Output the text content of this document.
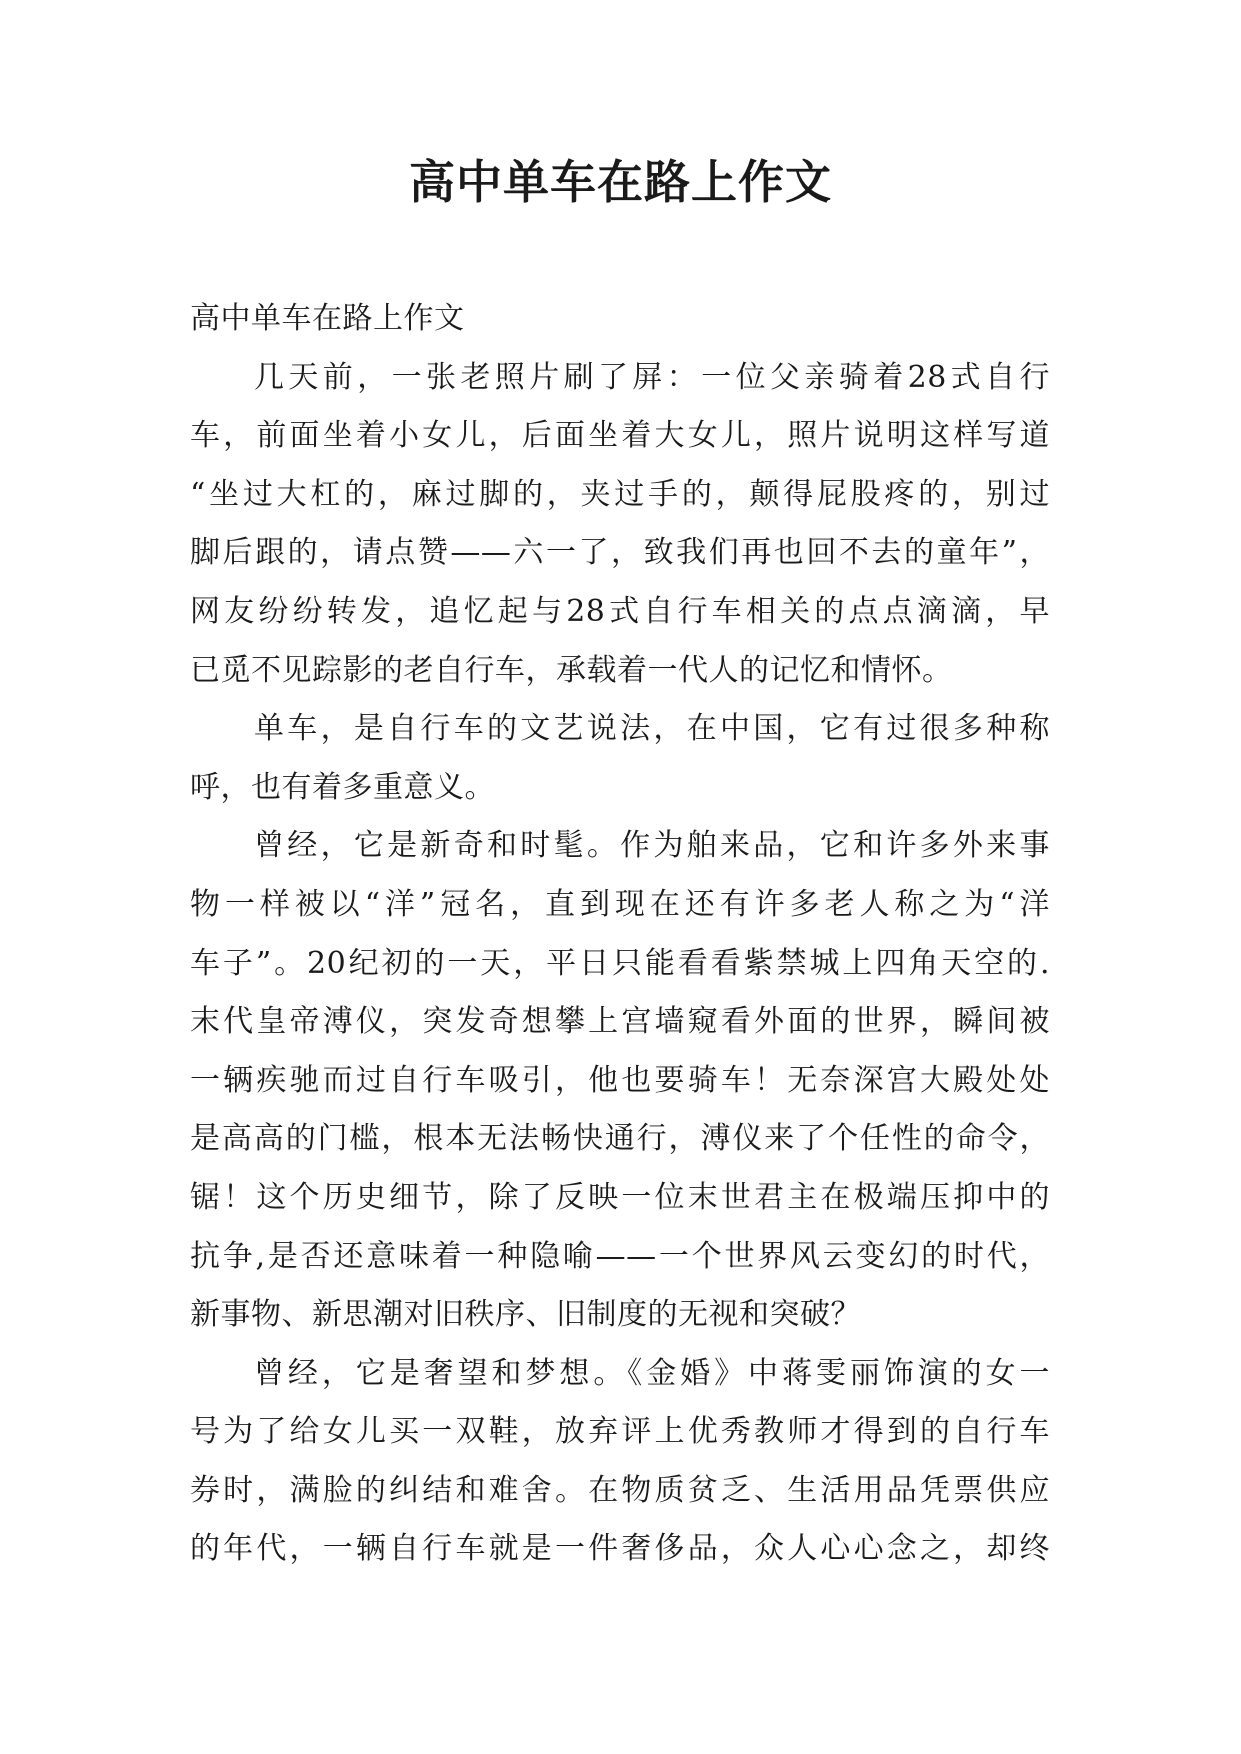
高中单车在路上作文
高中单车在路上作文
几天前，一张老照片刷了屏：一位父亲骑着28式自行
车，前面坐着小女儿，后面坐着大女儿，照片说明这样写道
“坐过大杠的，麻过脚的，夹过手的，颠得屁股疼的，别过
脚后跟的，请点赞——六一了，致我们再也回不去的童年”，
网友纷纷转发，追忆起与28式自行车相关的点点滴滴，早
已觅不见踪影的老自行车，承载着一代人的记忆和情怀。
单车，是自行车的文艺说法，在中国，它有过很多种称
呼，也有着多重意义。
曾经，它是新奇和时髦。作为舶来品，它和许多外来事
物一样被以“洋”冠名，直到现在还有许多老人称之为“洋
车子”。20纪初的一天，平日只能看看紫禁城上四角天空的.
末代皇帝溥仪，突发奇想攀上宫墙窥看外面的世界，瞬间被
一辆疾驰而过自行车吸引，他也要骑车！无奈深宫大殿处处
是高高的门槛，根本无法畅快通行，溥仪来了个任性的命令，
锯！这个历史细节，除了反映一位末世君主在极端压抑中的
抗争,是否还意味着一种隐喻——一个世界风云变幻的时代，
新事物、新思潮对旧秩序、旧制度的无视和突破？
曾经，它是奢望和梦想。《金婚》中蒋雯丽饰演的女一
号为了给女儿买一双鞋，放弃评上优秀教师才得到的自行车
券时，满脸的纠结和难舍。在物质贫乏、生活用品凭票供应
的年代，一辆自行车就是一件奢侈品，众人心心念之，却终
